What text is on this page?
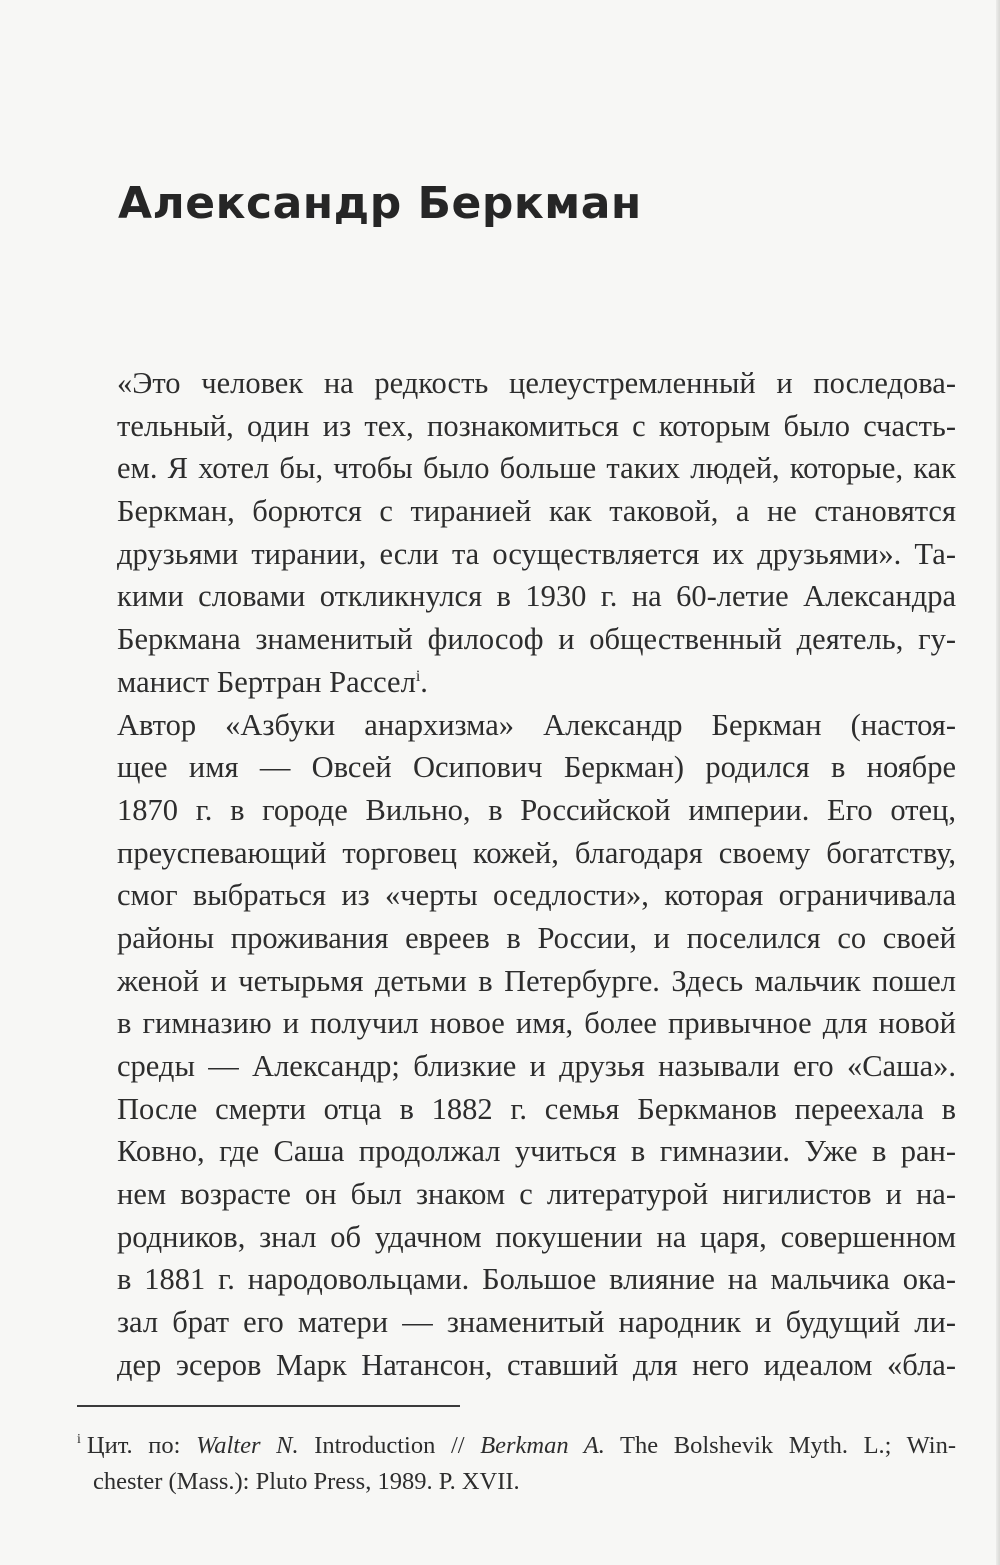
Александр Беркман
«Это человек на редкость целеустремленный и последова-
тельный, один из тех, познакомиться с которым было счасть-
ем. Я хотел бы, чтобы было больше таких людей, которые, как
Беркман, борются с тиранией как таковой, а не становятся
друзьями тирании, если та осуществляется их друзьями». Та-
кими словами откликнулся в 1930 г. на 60-летие Александра
Беркмана знаменитый философ и общественный деятель, гу-
манист Бертран Рассел$^i$.
Автор «Азбуки анархизма» Александр Беркман (настоя-
щее имя — Овсей Осипович Беркман) родился в ноябре
1870 г. в городе Вильно, в Российской империи. Его отец,
преуспевающий торговец кожей, благодаря своему богатству,
смог выбраться из «черты оседлости», которая ограничивала
районы проживания евреев в России, и поселился со своей
женой и четырьмя детьми в Петербурге. Здесь мальчик пошел
в гимназию и получил новое имя, более привычное для новой
среды — Александр; близкие и друзья называли его «Саша».
После смерти отца в 1882 г. семья Беркманов переехала в
Ковно, где Саша продолжал учиться в гимназии. Уже в ран-
нем возрасте он был знаком с литературой нигилистов и на-
родников, знал об удачном покушении на царя, совершенном
в 1881 г. народовольцами. Большое влияние на мальчика ока-
зал брат его матери — знаменитый народник и будущий ли-
дер эсеров Марк Натансон, ставший для него идеалом «бла-
$^i$ Цит. по: Walter N. Introduction // Berkman A. The Bolshevik Myth. L.; Win-
chester (Mass.): Pluto Press, 1989. P. XVII.
